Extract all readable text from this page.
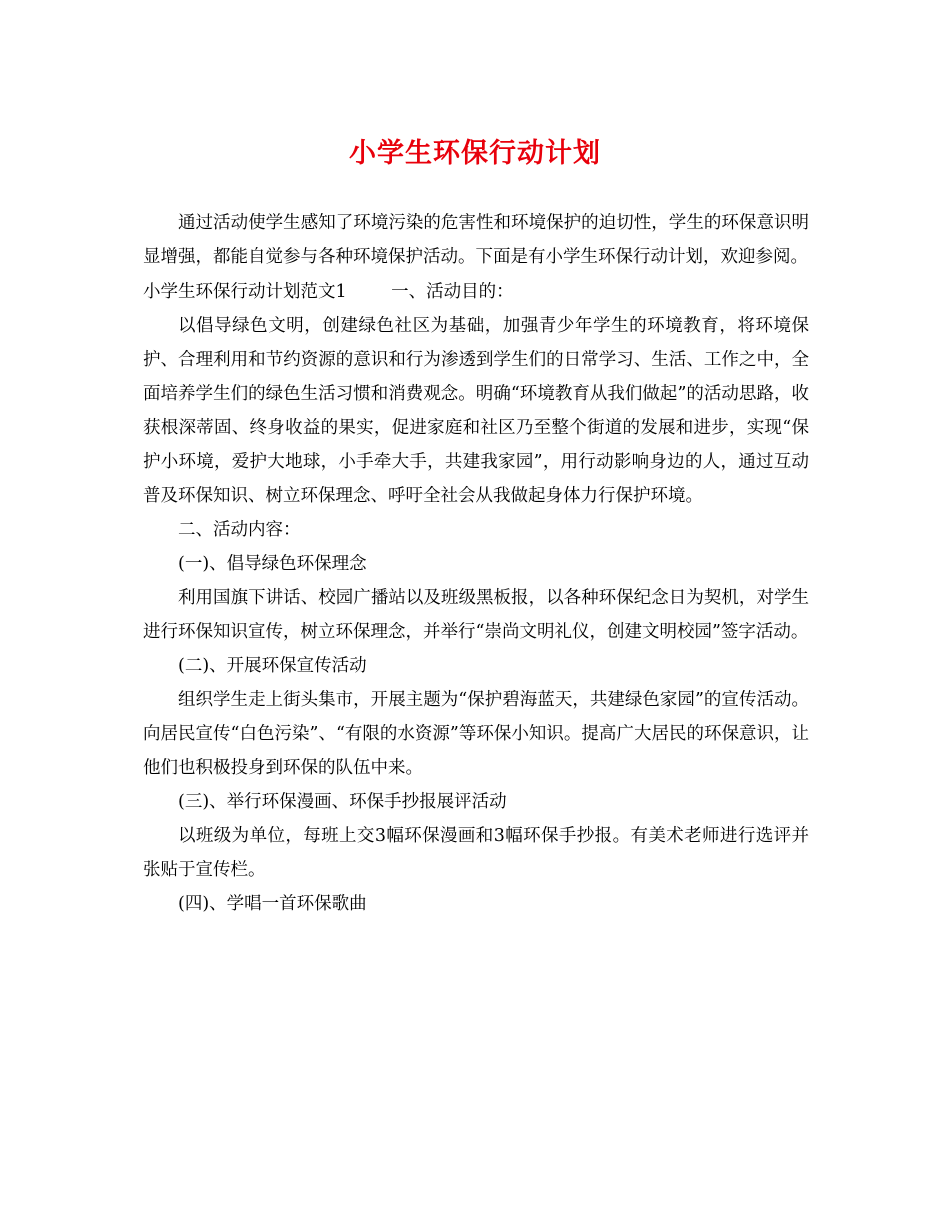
小学生环保行动计划

通过活动使学生感知了环境污染的危害性和环境保护的迫切性，学生的环保意识明显增强，都能自觉参与各种环境保护活动。下面是有小学生环保行动计划，欢迎参阅。

小学生环保行动计划范文1	一、活动目的：

以倡导绿色文明，创建绿色社区为基础，加强青少年学生的环境教育，将环境保护、合理利用和节约资源的意识和行为渗透到学生们的日常学习、生活、工作之中，全面培养学生们的绿色生活习惯和消费观念。明确“环境教育从我们做起”的活动思路，收获根深蒂固、终身收益的果实，促进家庭和社区乃至整个街道的发展和进步，实现“保护小环境，爱护大地球，小手牵大手，共建我家园”，用行动影响身边的人，通过互动普及环保知识、树立环保理念、呼吁全社会从我做起身体力行保护环境。

二、活动内容：

(一)、倡导绿色环保理念

利用国旗下讲话、校园广播站以及班级黑板报，以各种环保纪念日为契机，对学生进行环保知识宣传，树立环保理念，并举行“崇尚文明礼仪，创建文明校园”签字活动。

(二)、开展环保宣传活动

组织学生走上街头集市，开展主题为“保护碧海蓝天，共建绿色家园”的宣传活动。向居民宣传“白色污染”、“有限的水资源”等环保小知识。提高广大居民的环保意识，让他们也积极投身到环保的队伍中来。

(三)、举行环保漫画、环保手抄报展评活动

以班级为单位，每班上交3幅环保漫画和3幅环保手抄报。有美术老师进行选评并张贴于宣传栏。

(四)、学唱一首环保歌曲
